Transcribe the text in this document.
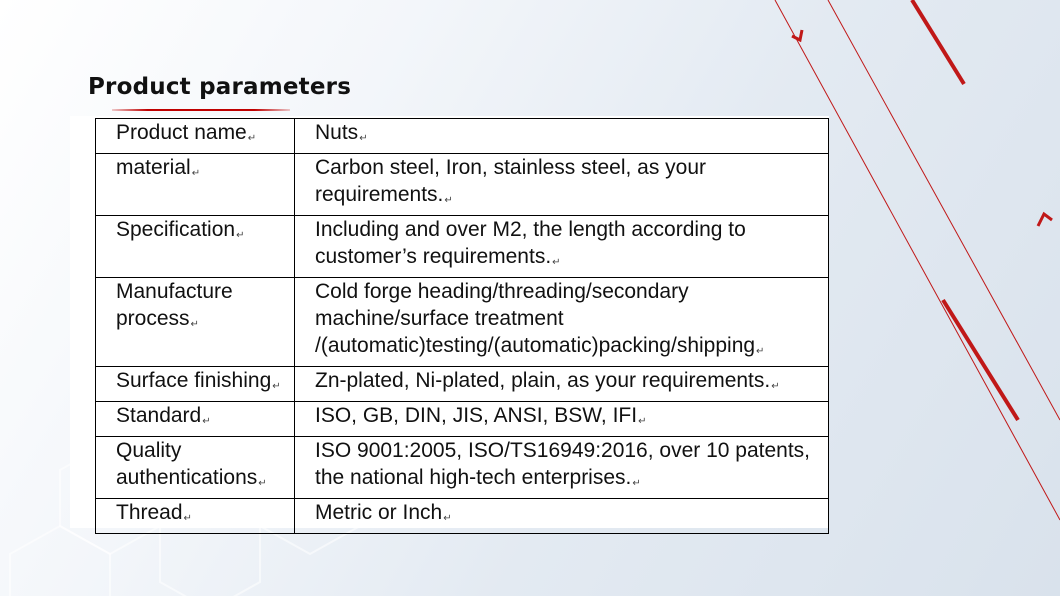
Product parameters
Product name↵	Nuts↵
material↵	Carbon steel, Iron, stainless steel, as your requirements.↵
Specification↵	Including and over M2, the length according to customer’s requirements.↵
Manufacture process↵	Cold forge heading/threading/secondary machine/surface treatment /(automatic)testing/(automatic)packing/shipping↵
Surface finishing↵	Zn-plated, Ni-plated, plain, as your requirements.↵
Standard↵	ISO, GB, DIN, JIS, ANSI, BSW, IFI↵
Quality authentications↵	ISO 9001:2005, ISO/TS16949:2016, over 10 patents, the national high-tech enterprises.↵
Thread↵	Metric or Inch↵
